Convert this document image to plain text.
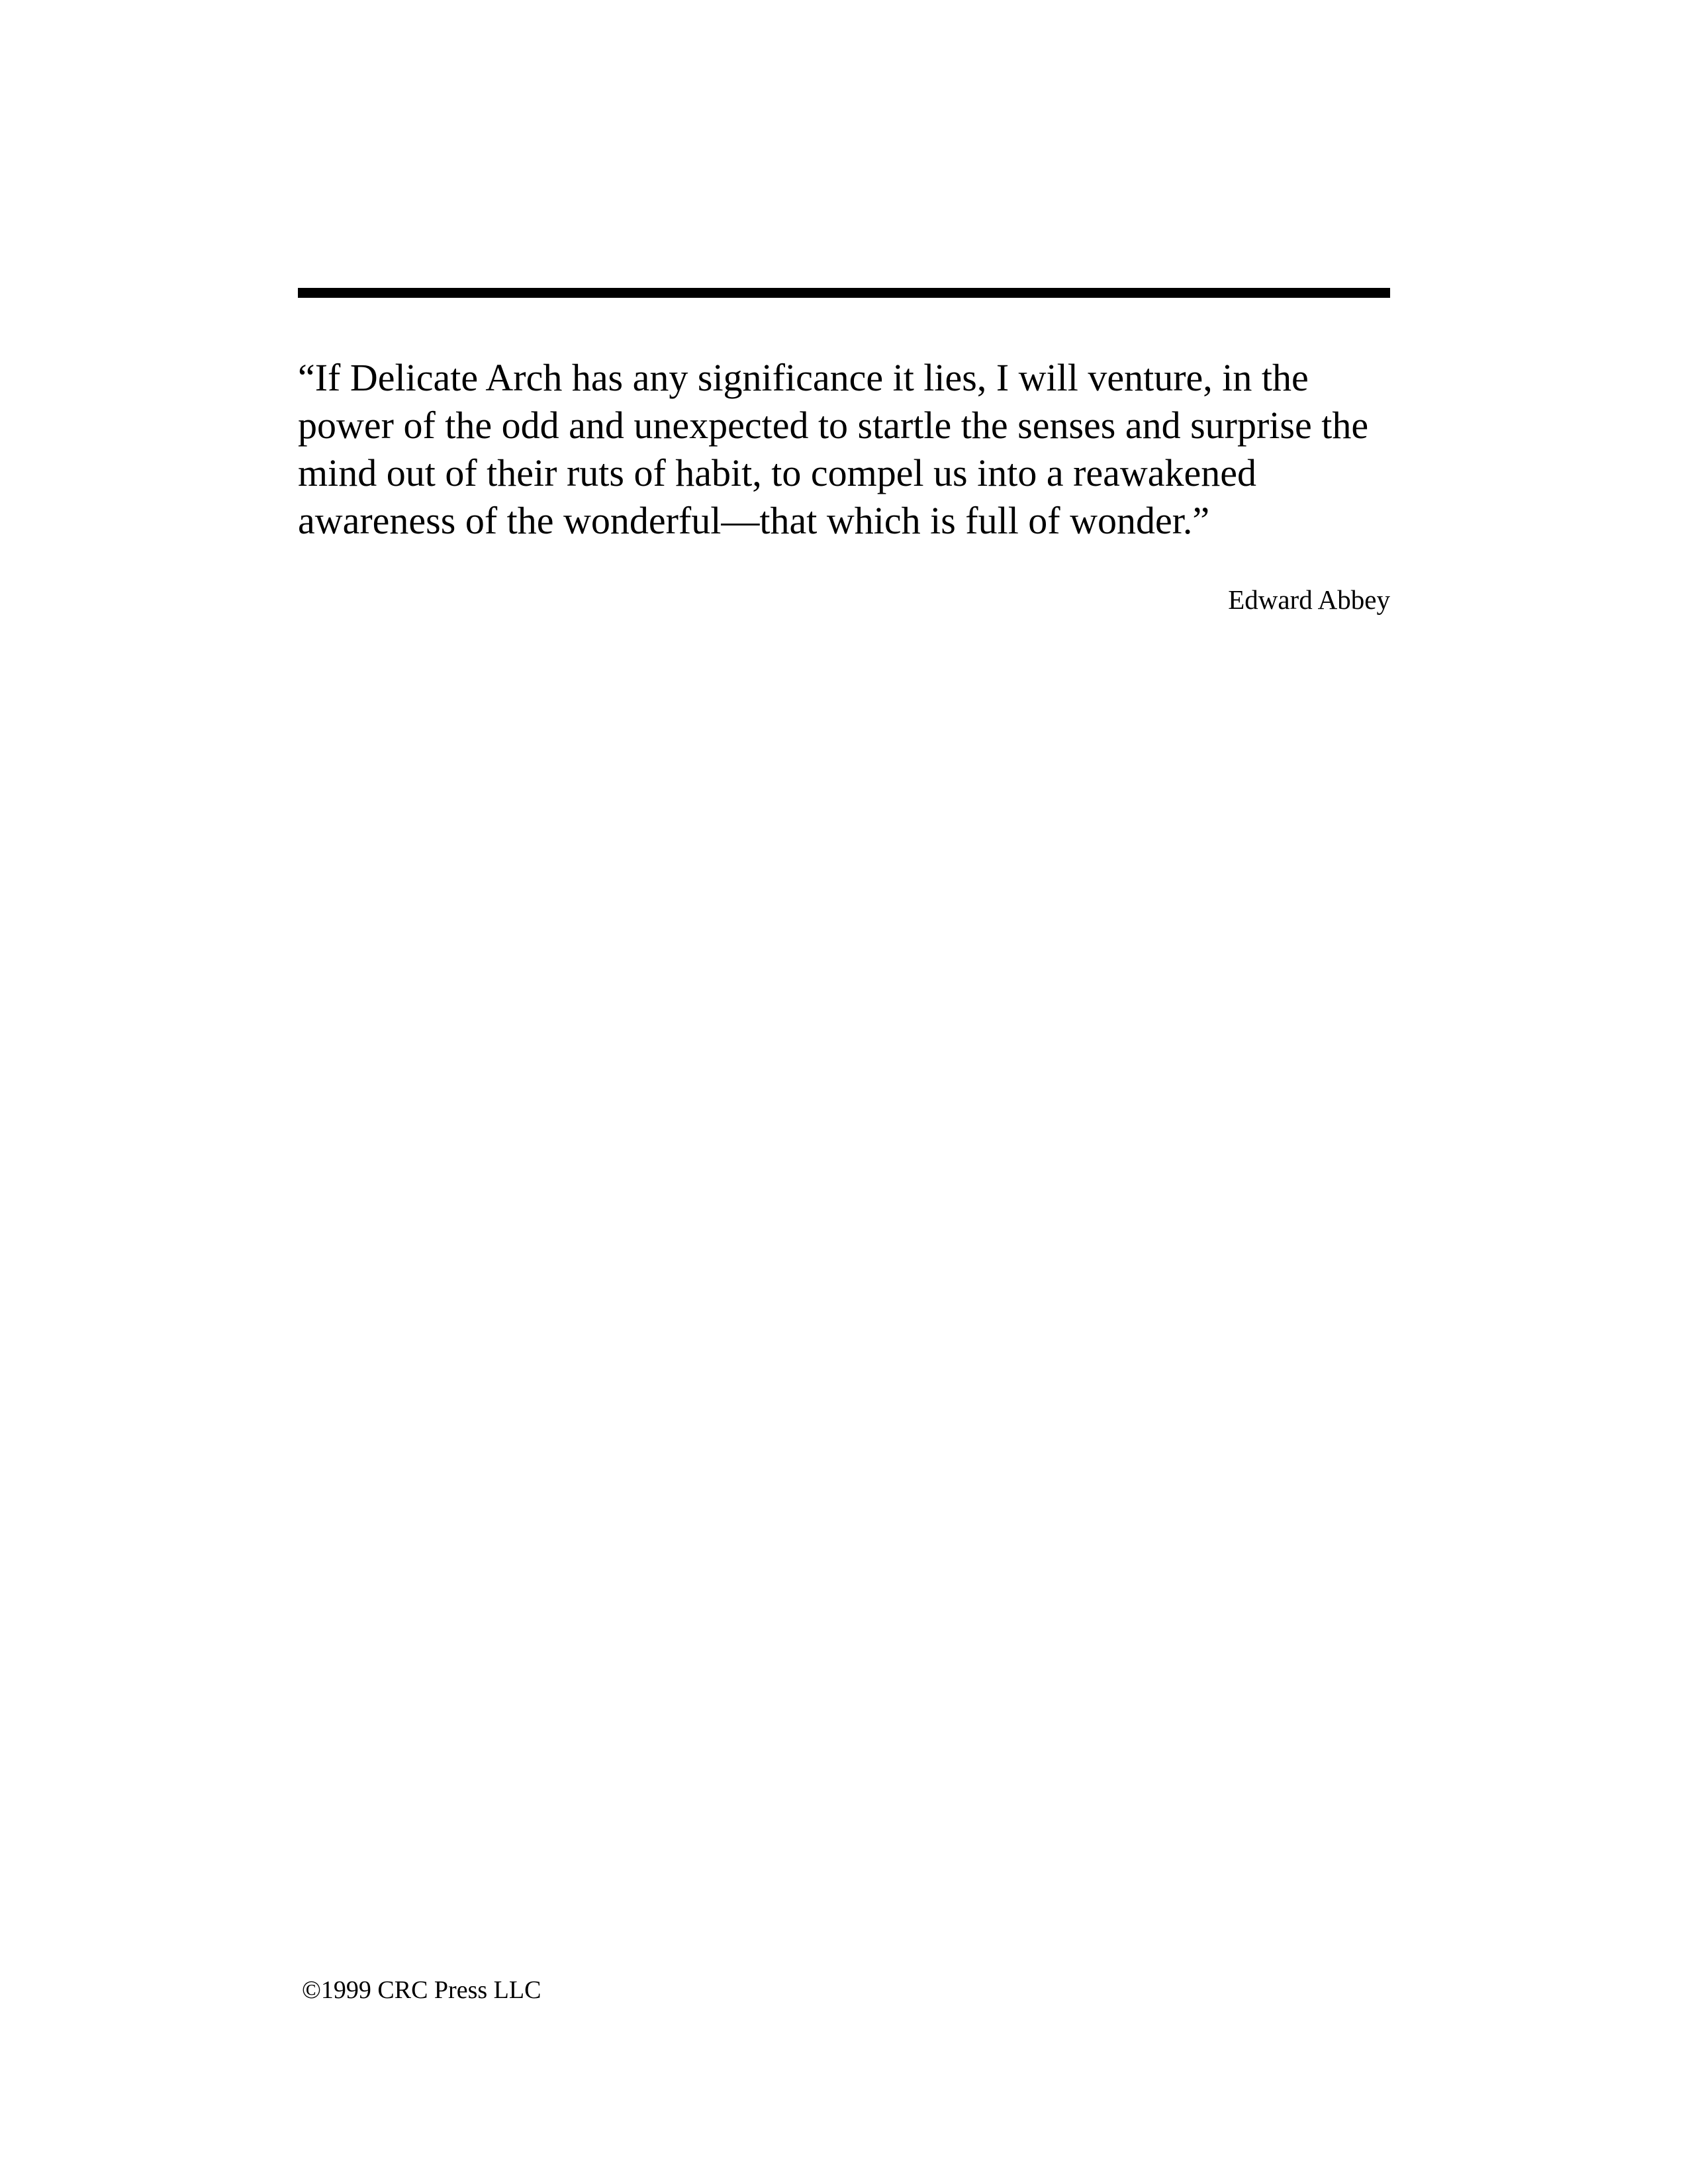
“If Delicate Arch has any significance it lies, I will venture, in the
power of the odd and unexpected to startle the senses and surprise the
mind out of their ruts of habit, to compel us into a reawakened
awareness of the wonderful—that which is full of wonder.”

Edward Abbey
©1999 CRC Press LLC
